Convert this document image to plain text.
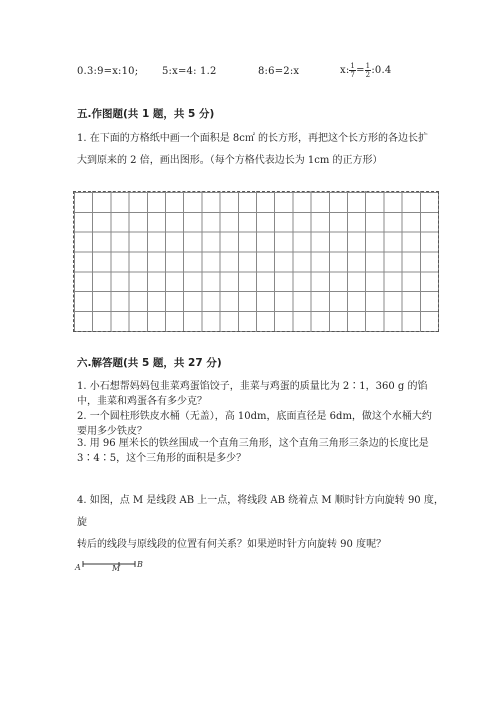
0.3:9=x:10; 5:x=4: 1.2	8:6=2:x	x: $\frac{1}{7} = \frac{1}{2}$ :0.4
五.作图题(共 1 题，共 5 分)
1. 在下面的方格纸中画一个面积是 8c㎡ 的长方形，再把这个长方形的各边长扩
大到原来的 2 倍，画出图形。（每个方格代表边长为 1cm 的正方形）
六.解答题(共 5 题，共 27 分)
1. 小石想帮妈妈包韭菜鸡蛋馅饺子，韭菜与鸡蛋的质量比为 2∶1，360 g 的馅
中，韭菜和鸡蛋各有多少克？
2. 一个圆柱形铁皮水桶（无盖），高 10dm，底面直径是 6dm，做这个水桶大约
要用多少铁皮？
3. 用 96 厘米长的铁丝围成一个直角三角形，这个直角三角形三条边的长度比是
3∶4∶5，这个三角形的面积是多少？
4. 如图，点 M 是线段 AB 上一点，将线段 AB 绕着点 M 顺时针方向旋转 90 度，旋
转后的线段与原线段的位置有何关系？如果逆时针方向旋转 90 度呢？
A	M B
